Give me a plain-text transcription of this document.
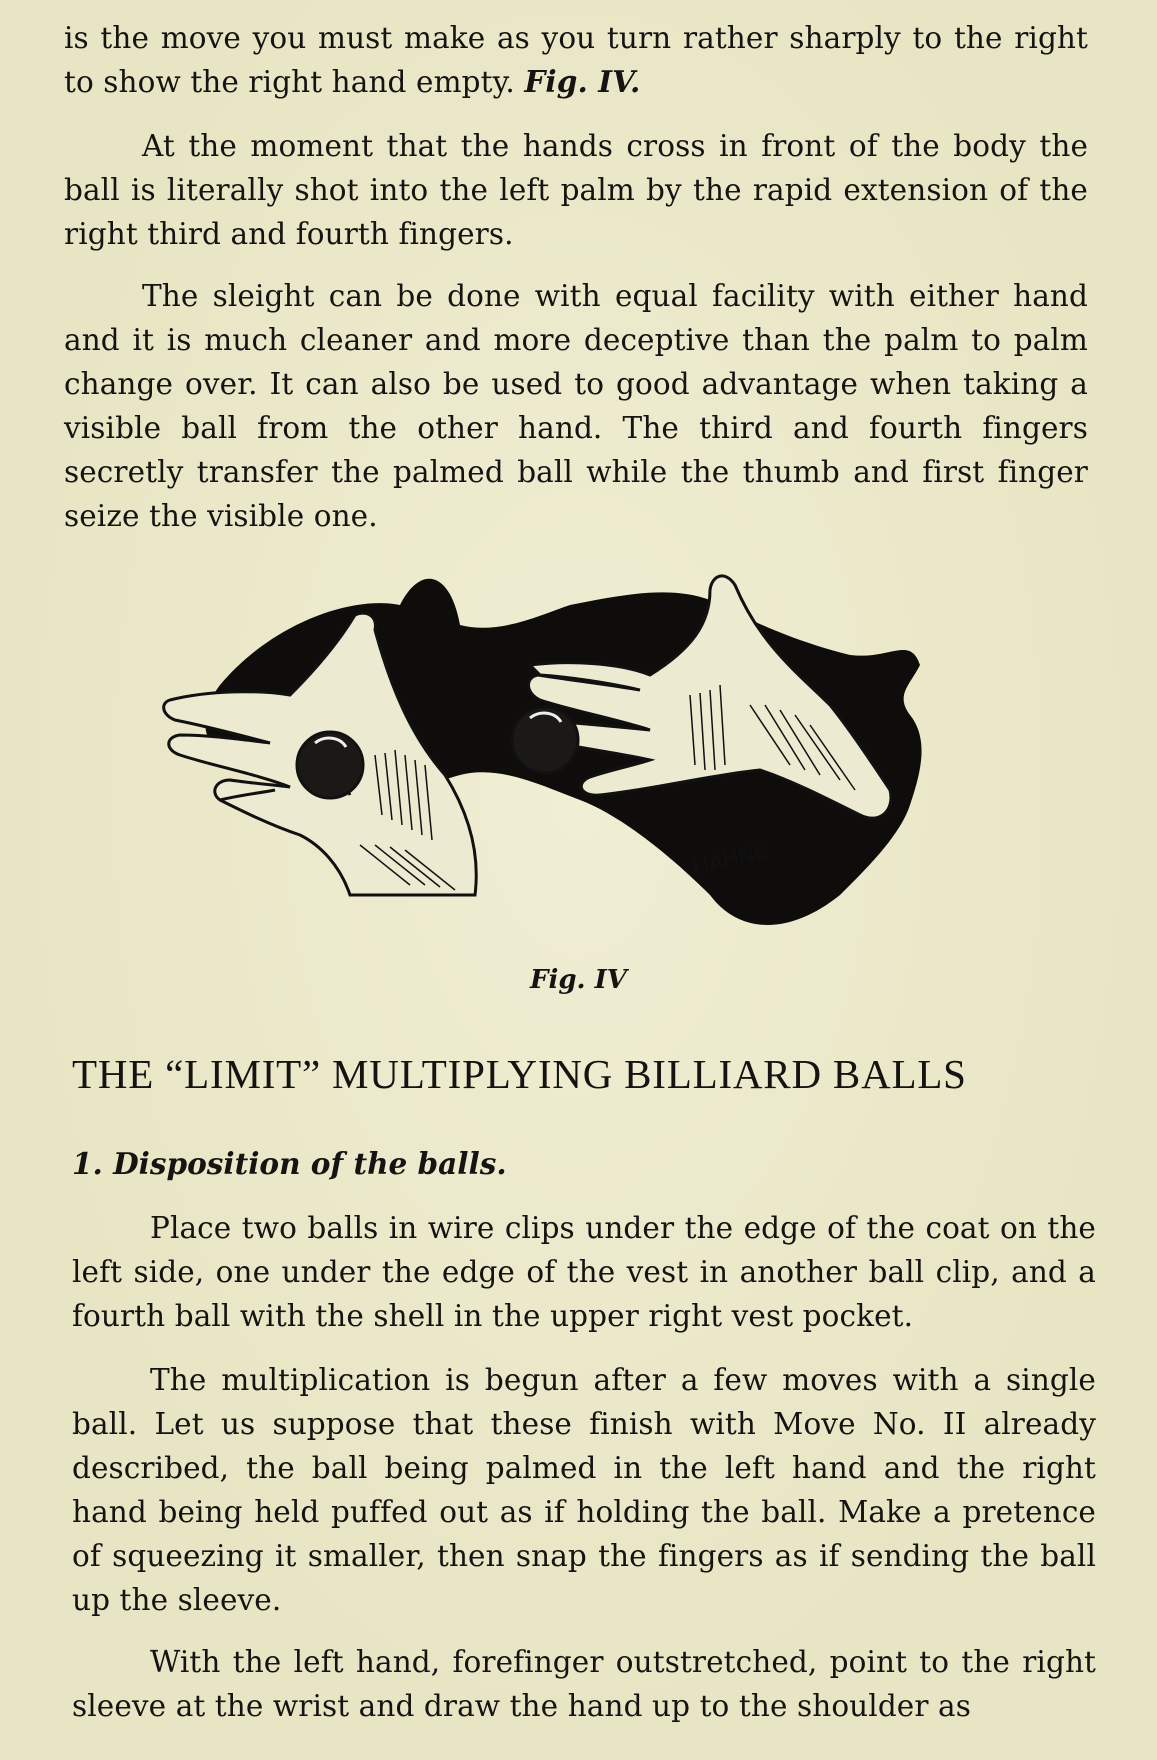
is the move you must make as you turn rather sharply to the right to show the right hand empty. Fig. IV.

At the moment that the hands cross in front of the body the ball is literally shot into the left palm by the rapid extension of the right third and fourth fingers.

The sleight can be done with equal facility with either hand and it is much cleaner and more deceptive than the palm to palm change over. It can also be used to good advantage when taking a visible ball from the other hand. The third and fourth fingers secretly transfer the palmed ball while the thumb and first finger seize the visible one.

HAHNE
Fig. IV
THE “LIMIT” MULTIPLYING BILLIARD BALLS

1. Disposition of the balls.

Place two balls in wire clips under the edge of the coat on the left side, one under the edge of the vest in another ball clip, and a fourth ball with the shell in the upper right vest pocket.

The multiplication is begun after a few moves with a single ball. Let us suppose that these finish with Move No. II already described, the ball being palmed in the left hand and the right hand being held puffed out as if holding the ball. Make a pretence of squeezing it smaller, then snap the fingers as if sending the ball up the sleeve.

With the left hand, forefinger outstretched, point to the right sleeve at the wrist and draw the hand up to the shoulder as
